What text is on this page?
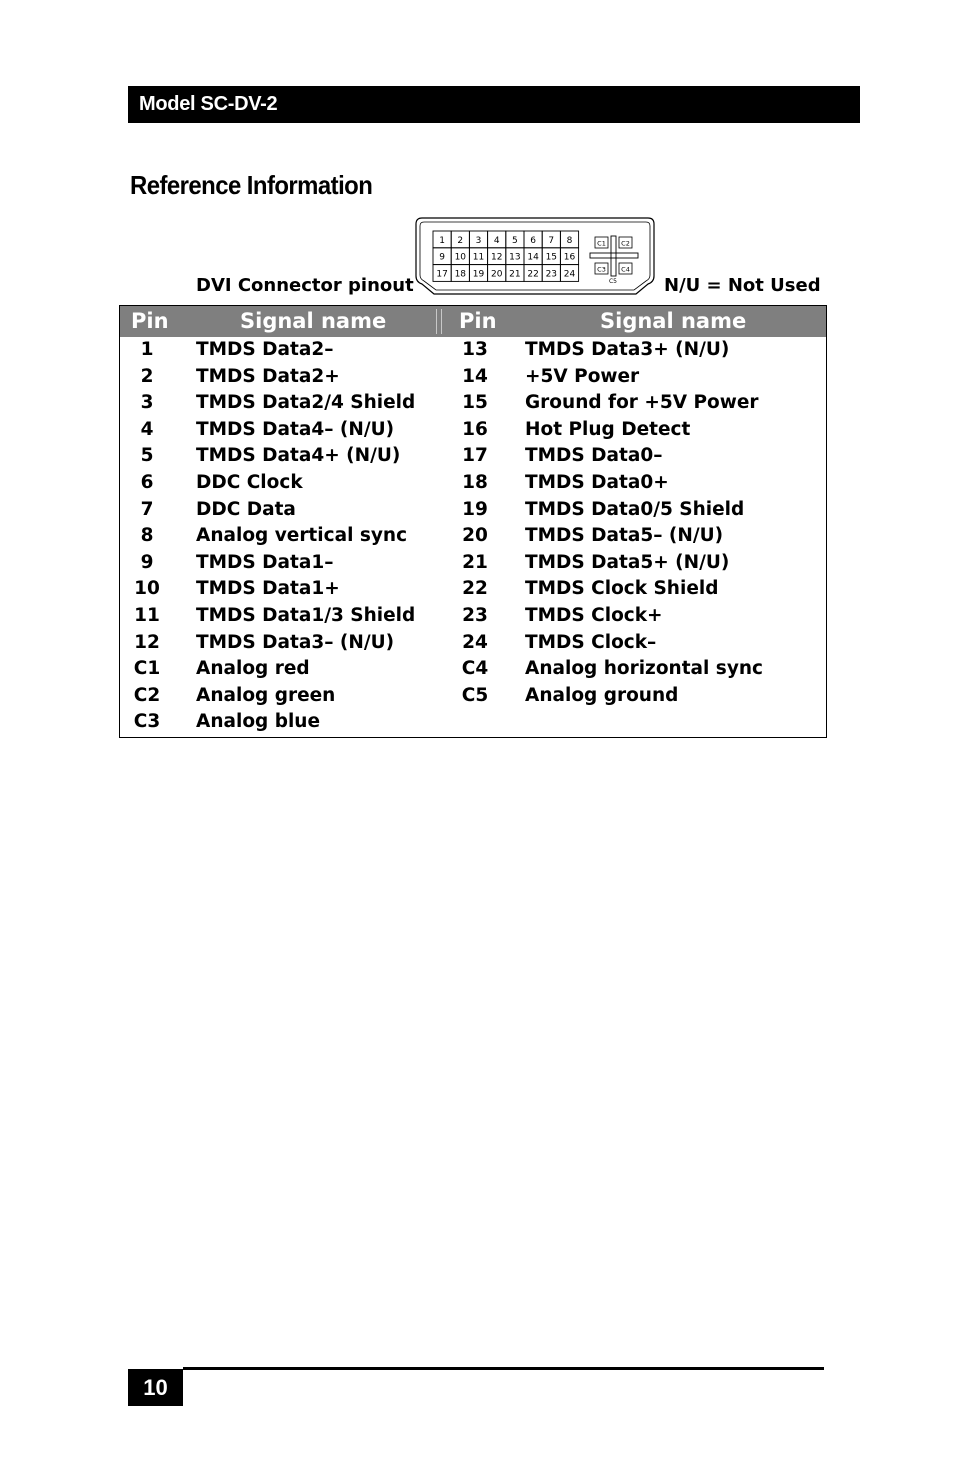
Model SC-DV-2
Reference Information
DVI Connector pinout
1 2 3 4 5 6 7 8
9 10 11 12 13 14 15 16
17 18 19 20 21 22 23 24
C1 C2
C3 C4
C5	N/U = Not Used
Pin	Signal name	Pin	Signal name
1	TMDS Data2–	13	TMDS Data3+ (N/U)
2	TMDS Data2+	14	+5V Power
3	TMDS Data2/4 Shield	15	Ground for +5V Power
4	TMDS Data4– (N/U)	16	Hot Plug Detect
5	TMDS Data4+ (N/U)	17	TMDS Data0–
6	DDC Clock	18	TMDS Data0+
7	DDC Data	19	TMDS Data0/5 Shield
8	Analog vertical sync	20	TMDS Data5– (N/U)
9	TMDS Data1–	21	TMDS Data5+ (N/U)
10	TMDS Data1+	22	TMDS Clock Shield
11	TMDS Data1/3 Shield	23	TMDS Clock+
12	TMDS Data3– (N/U)	24	TMDS Clock–
C1	Analog red	C4	Analog horizontal sync
C2	Analog green	C5	Analog ground
C3	Analog blue
10
